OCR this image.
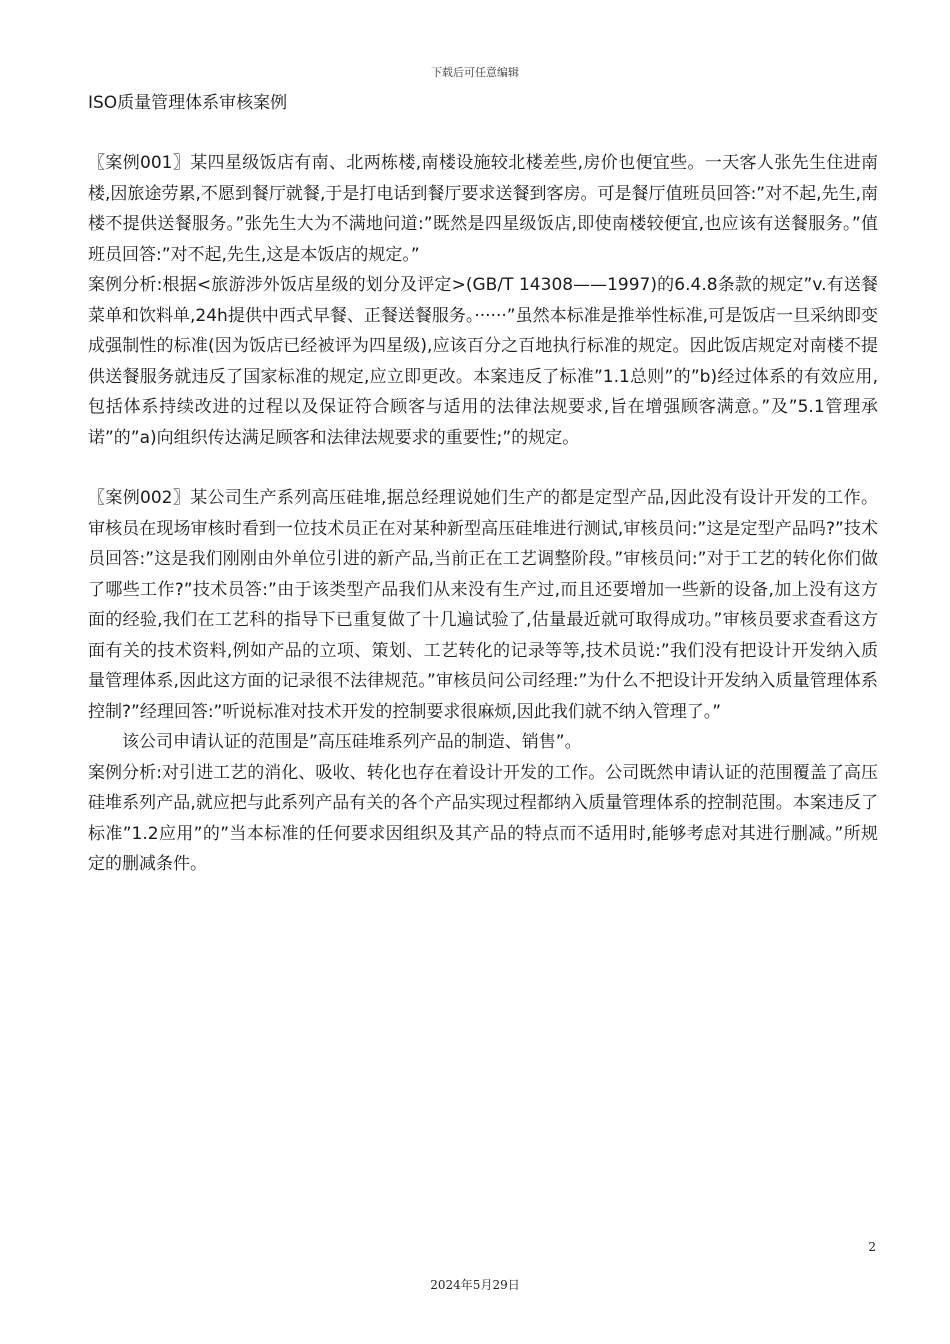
下载后可任意编辑
ISO质量管理体系审核案例

〖案例001〗某四星级饭店有南、北两栋楼,南楼设施较北楼差些,房价也便宜些。一天客人张先生住进南楼,因旅途劳累,不愿到餐厅就餐,于是打电话到餐厅要求送餐到客房。可是餐厅值班员回答:”对不起,先生,南楼不提供送餐服务。”张先生大为不满地问道:”既然是四星级饭店,即使南楼较便宜,也应该有送餐服务。”值班员回答:”对不起,先生,这是本饭店的规定。”

案例分析:根据<旅游涉外饭店星级的划分及评定>(GB/T 14308——1997)的6.4.8条款的规定”v.有送餐菜单和饮料单,24h提供中西式早餐、正餐送餐服务。······”虽然本标准是推举性标准,可是饭店一旦采纳即变成强制性的标准(因为饭店已经被评为四星级),应该百分之百地执行标准的规定。因此饭店规定对南楼不提供送餐服务就违反了国家标准的规定,应立即更改。本案违反了标准”1.1总则”的”b)经过体系的有效应用,包括体系持续改进的过程以及保证符合顾客与适用的法律法规要求,旨在增强顾客满意。”及”5.1管理承诺”的”a)向组织传达满足顾客和法律法规要求的重要性;”的规定。

〖案例002〗某公司生产系列高压硅堆,据总经理说她们生产的都是定型产品,因此没有设计开发的工作。审核员在现场审核时看到一位技术员正在对某种新型高压硅堆进行测试,审核员问:”这是定型产品吗?”技术员回答:”这是我们刚刚由外单位引进的新产品,当前正在工艺调整阶段。”审核员问:”对于工艺的转化你们做了哪些工作?”技术员答:”由于该类型产品我们从来没有生产过,而且还要增加一些新的设备,加上没有这方面的经验,我们在工艺科的指导下已重复做了十几遍试验了,估量最近就可取得成功。”审核员要求查看这方面有关的技术资料,例如产品的立项、策划、工艺转化的记录等等,技术员说:”我们没有把设计开发纳入质量管理体系,因此这方面的记录很不法律规范。”审核员问公司经理:”为什么不把设计开发纳入质量管理体系控制?”经理回答:”听说标准对技术开发的控制要求很麻烦,因此我们就不纳入管理了。”

该公司申请认证的范围是”高压硅堆系列产品的制造、销售”。

案例分析:对引进工艺的消化、吸收、转化也存在着设计开发的工作。公司既然申请认证的范围覆盖了高压硅堆系列产品,就应把与此系列产品有关的各个产品实现过程都纳入质量管理体系的控制范围。本案违反了标准”1.2应用”的”当本标准的任何要求因组织及其产品的特点而不适用时,能够考虑对其进行删减。”所规定的删减条件。

2
2024年5月29日
